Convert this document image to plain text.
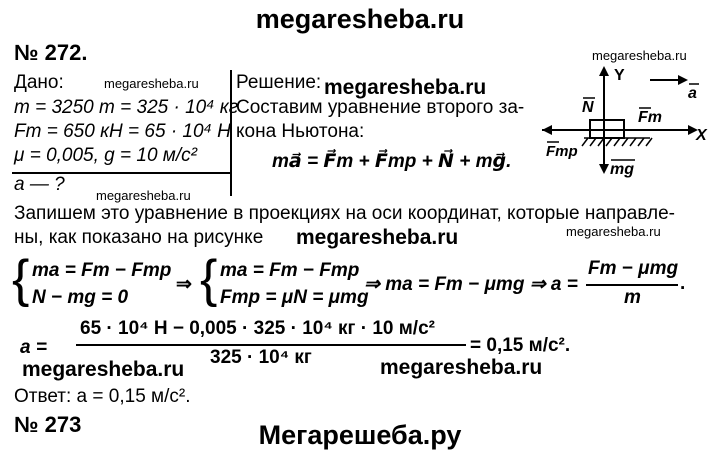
megaresheba.ru
№ 272.
megaresheba.ru
megaresheba.ru
megaresheba.ru
megaresheba.ru
megaresheba.ru	megaresheba.ru
megaresheba.ru	megaresheba.ru
Дано:
m = 3250 т = 325 · 10⁴ кг
Fт = 650 кН = 65 · 10⁴ Н
μ = 0,005, g = 10 м/с²
a — ?
Решение:
Составим уравнение второго за-
кона Ньютона:
ma⃗ = F⃗т + F⃗тр + N⃗ + mg⃗.
Y
X
a
N
Fт
Fтр
mg
Запишем это уравнение в проекциях на оси координат, которые направле-
ны, как показано на рисунке
{ ma = Fт − Fтр
N − mg = 0
⇒ { ma = Fт − Fтр
Fтр = μN = μmg
⇒ ma = Fт − μmg ⇒ a =
Fт − μmg
m
.
a =
65 · 10⁴ Н − 0,005 · 325 · 10⁴ кг · 10 м/с²
325 · 10⁴ кг
= 0,15 м/с².
Ответ: a = 0,15 м/с².
№ 273	Мегарешеба.ру
